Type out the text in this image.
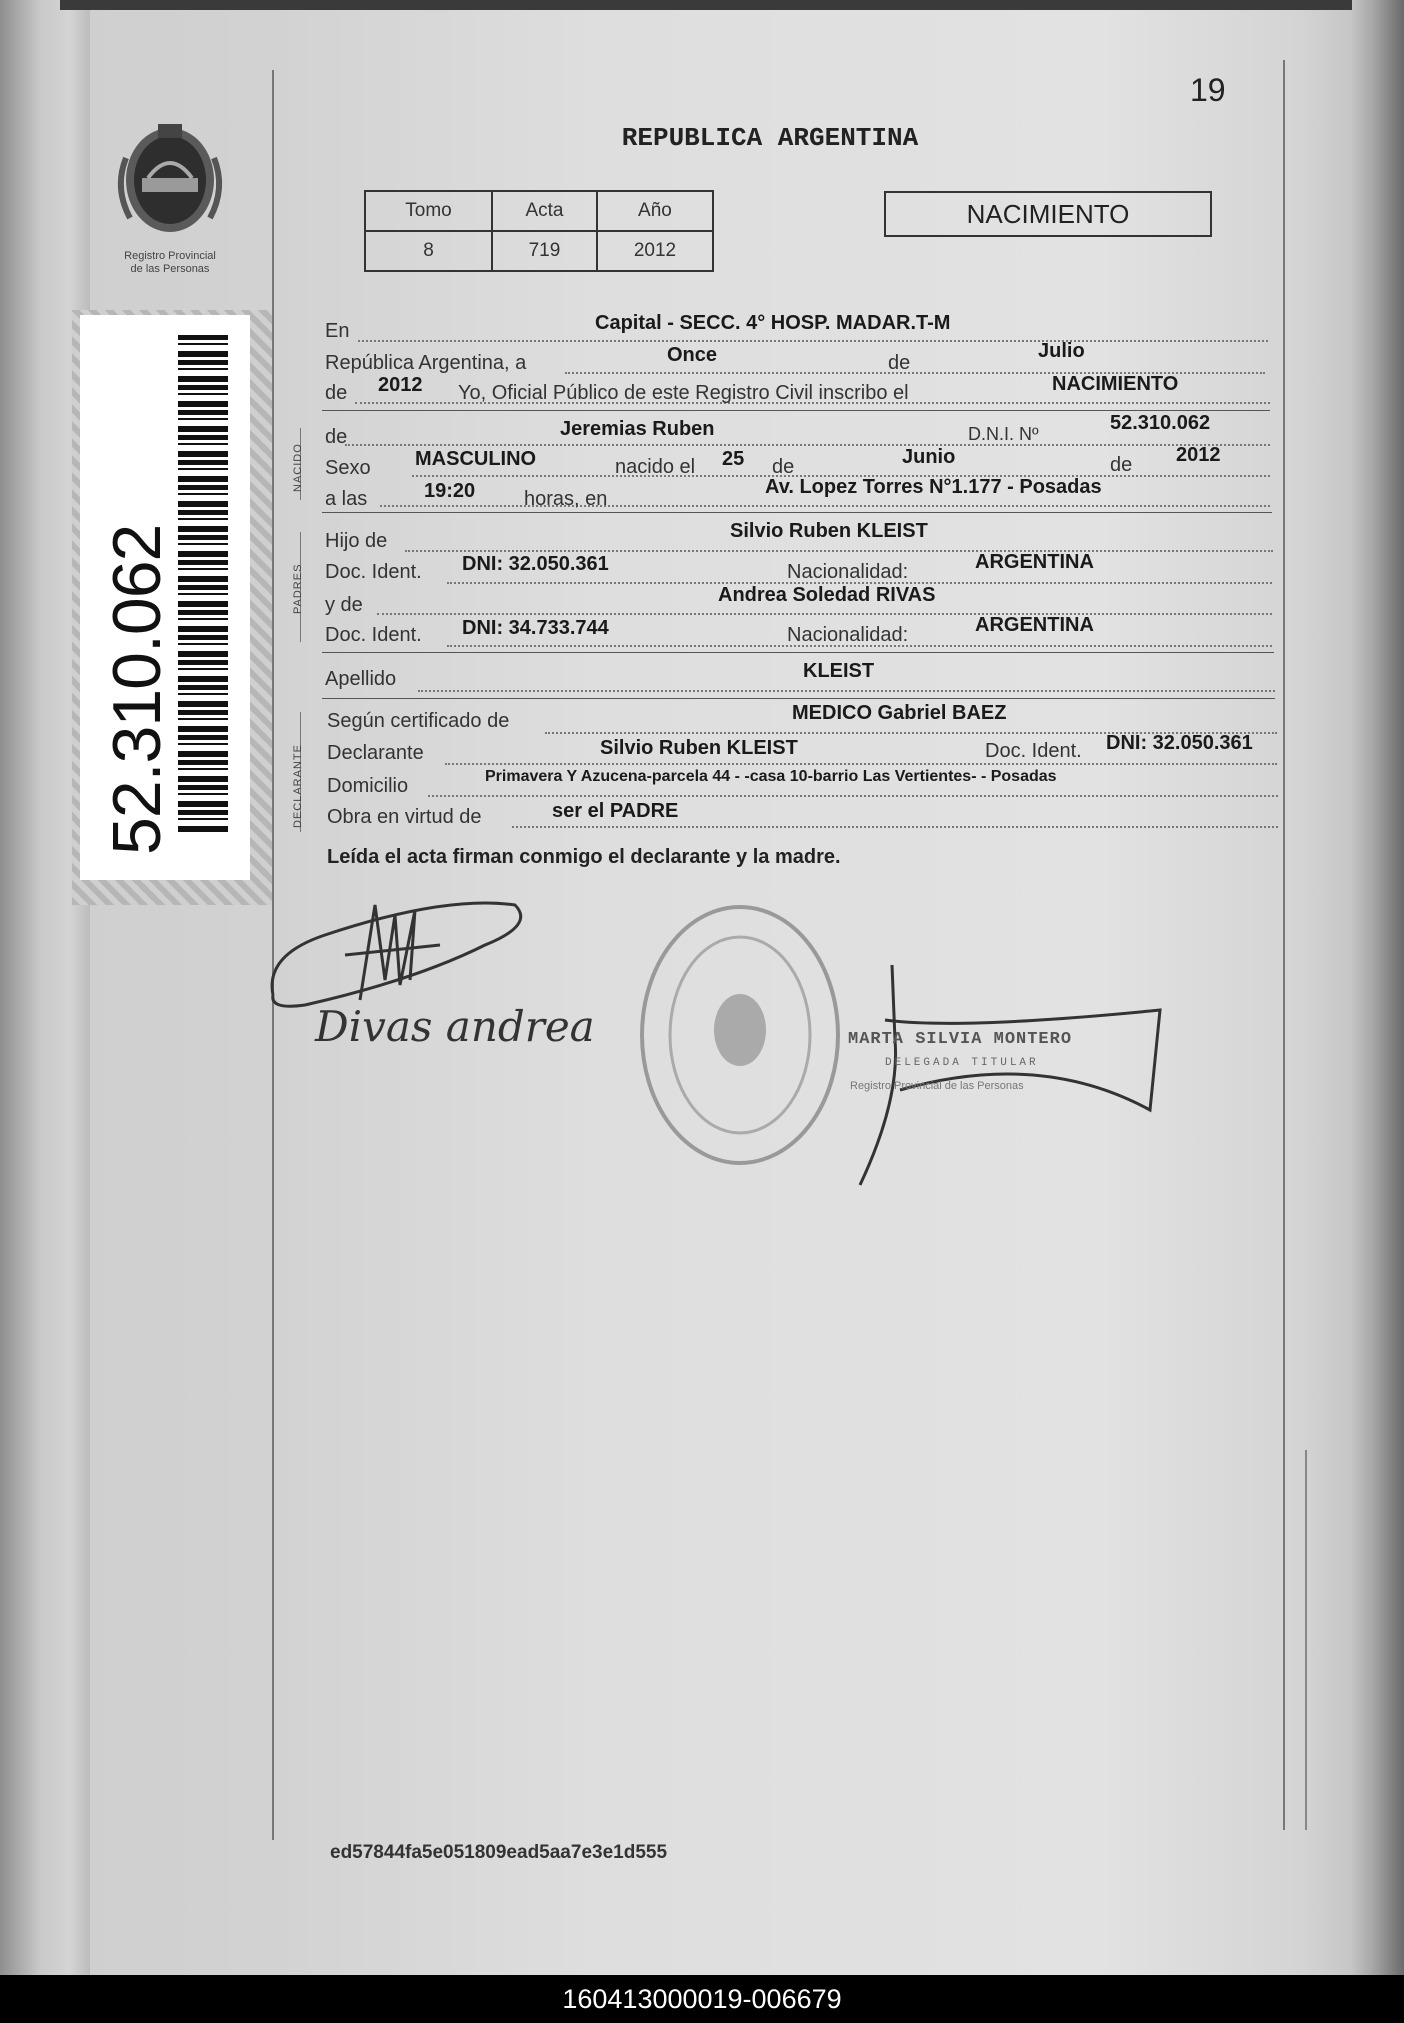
Registro Provincial
de las Personas
52.310.062
19
REPUBLICA ARGENTINA
Tomo	Acta	Año
8	719	2012
NACIMIENTO
NACIDO
PADRES
DECLARANTE
En	Capital - SECC. 4° HOSP. MADAR.T-M
República Argentina, a	Once	de
Julio
de 2012 Yo, Oficial Público de este Registro Civil inscribo el	NACIMIENTO
de	Jeremias Ruben	D.N.I. Nº	52.310.062
Sexo MASCULINO	nacido el 25 de	Junio	de 2012
a las	19:20 horas, en
Av. Lopez Torres N°1.177 - Posadas
Hijo de	Silvio Ruben KLEIST
Doc. Ident. DNI: 32.050.361	Nacionalidad:	ARGENTINA
y de	Andrea Soledad RIVAS
Doc. Ident. DNI: 34.733.744	Nacionalidad:	ARGENTINA
Apellido	KLEIST
Según certificado de	MEDICO Gabriel BAEZ
Declarante	Silvio Ruben KLEIST	Doc. Ident. DNI: 32.050.361
Domicilio	Primavera Y Azucena-parcela 44 - -casa 10-barrio Las Vertientes- - Posadas
Obra en virtud de	ser el PADRE
Leída el acta firman conmigo el declarante y la madre.
Divas andrea	MARTA SILVIA MONTERO
DELEGADA TITULAR
Registro Provincial de las Personas
ed57844fa5e051809ead5aa7e3e1d555
160413000019-006679
